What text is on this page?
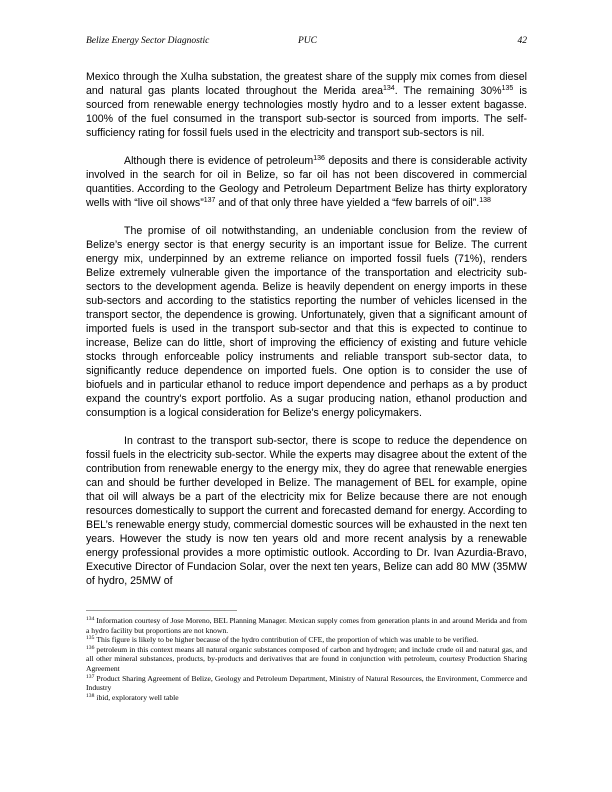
Belize Energy Sector Diagnostic	PUC	42

Mexico through the Xulha substation, the greatest share of the supply mix comes from diesel and natural gas plants located throughout the Merida area$^{134}$. The remaining 30%$^{135}$ is sourced from renewable energy technologies mostly hydro and to a lesser extent bagasse. 100% of the fuel consumed in the transport sub-sector is sourced from imports. The self-sufficiency rating for fossil fuels used in the electricity and transport sub-sectors is nil.

Although there is evidence of petroleum$^{136}$ deposits and there is considerable activity involved in the search for oil in Belize, so far oil has not been discovered in commercial quantities. According to the Geology and Petroleum Department Belize has thirty exploratory wells with “live oil shows”$^{137}$ and of that only three have yielded a “few barrels of oil”.$^{138}$

The promise of oil notwithstanding, an undeniable conclusion from the review of Belize’s energy sector is that energy security is an important issue for Belize. The current energy mix, underpinned by an extreme reliance on imported fossil fuels (71%), renders Belize extremely vulnerable given the importance of the transportation and electricity sub-sectors to the development agenda. Belize is heavily dependent on energy imports in these sub-sectors and according to the statistics reporting the number of vehicles licensed in the transport sector, the dependence is growing. Unfortunately, given that a significant amount of imported fuels is used in the transport sub-sector and that this is expected to continue to increase, Belize can do little, short of improving the efficiency of existing and future vehicle stocks through enforceable policy instruments and reliable transport sub-sector data, to significantly reduce dependence on imported fuels. One option is to consider the use of biofuels and in particular ethanol to reduce import dependence and perhaps as a by product expand the country's export portfolio. As a sugar producing nation, ethanol production and consumption is a logical consideration for Belize's energy policymakers.

In contrast to the transport sub-sector, there is scope to reduce the dependence on fossil fuels in the electricity sub-sector. While the experts may disagree about the extent of the contribution from renewable energy to the energy mix, they do agree that renewable energies can and should be further developed in Belize. The management of BEL for example, opine that oil will always be a part of the electricity mix for Belize because there are not enough resources domestically to support the current and forecasted demand for energy. According to BEL’s renewable energy study, commercial domestic sources will be exhausted in the next ten years. However the study is now ten years old and more recent analysis by a renewable energy professional provides a more optimistic outlook. According to Dr. Ivan Azurdia-Bravo, Executive Director of Fundacion Solar, over the next ten years, Belize can add 80 MW (35MW of hydro, 25MW of

$^{134}$ Information courtesy of Jose Moreno, BEL Planning Manager. Mexican supply comes from generation plants in and around Merida and from a hydro facility but proportions are not known.

$^{135}$ This figure is likely to be higher because of the hydro contribution of CFE, the proportion of which was unable to be verified.

$^{136}$ petroleum in this context means all natural organic substances composed of carbon and hydrogen; and include crude oil and natural gas, and all other mineral substances, products, by-products and derivatives that are found in conjunction with petroleum, courtesy Production Sharing Agreement

$^{137}$ Product Sharing Agreement of Belize, Geology and Petroleum Department, Ministry of Natural Resources, the Environment, Commerce and Industry

$^{138}$ ibid, exploratory well table
